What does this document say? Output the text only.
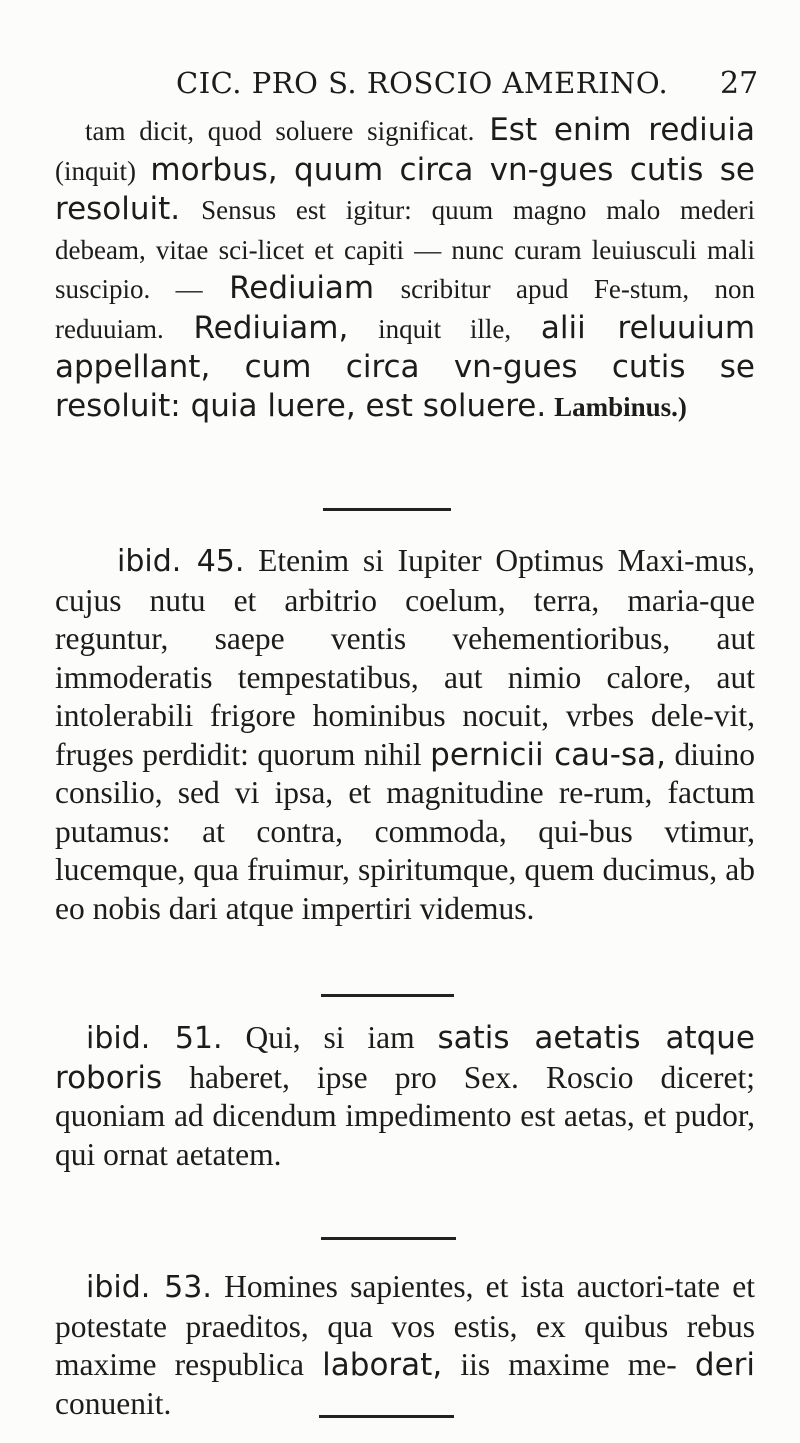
CIC. PRO S. ROSCIO AMERINO.	27
tam dicit, quod soluere significat. Est enim rediuia (inquit) morbus, quum circa vn-gues cutis se resoluit. Sensus est igitur: quum magno malo mederi debeam, vitae sci-licet et capiti — nunc curam leuiusculi mali suscipio. — Rediuiam scribitur apud Fe-stum, non reduuiam. Rediuiam, inquit ille, alii reluuium appellant, cum circa vn-gues cutis se resoluit: quia luere, est soluere. Lambinus.)
ibid. 45. Etenim si Iupiter Optimus Maxi-mus, cujus nutu et arbitrio coelum, terra, maria-que reguntur, saepe ventis vehementioribus, aut immoderatis tempestatibus, aut nimio calore, aut intolerabili frigore hominibus nocuit, vrbes dele-vit, fruges perdidit: quorum nihil pernicii cau-sa, diuino consilio, sed vi ipsa, et magnitudine re-rum, factum putamus: at contra, commoda, qui-bus vtimur, lucemque, qua fruimur, spiritumque, quem ducimus, ab eo nobis dari atque impertiri videmus.
ibid. 51. Qui, si iam satis aetatis atque roboris haberet, ipse pro Sex. Roscio diceret; quoniam ad dicendum impedimento est aetas, et pudor, qui ornat aetatem.
ibid. 53. Homines sapientes, et ista auctori-tate et potestate praeditos, qua vos estis, ex quibus rebus maxime respublica laborat, iis maxime me- deri conuenit.
